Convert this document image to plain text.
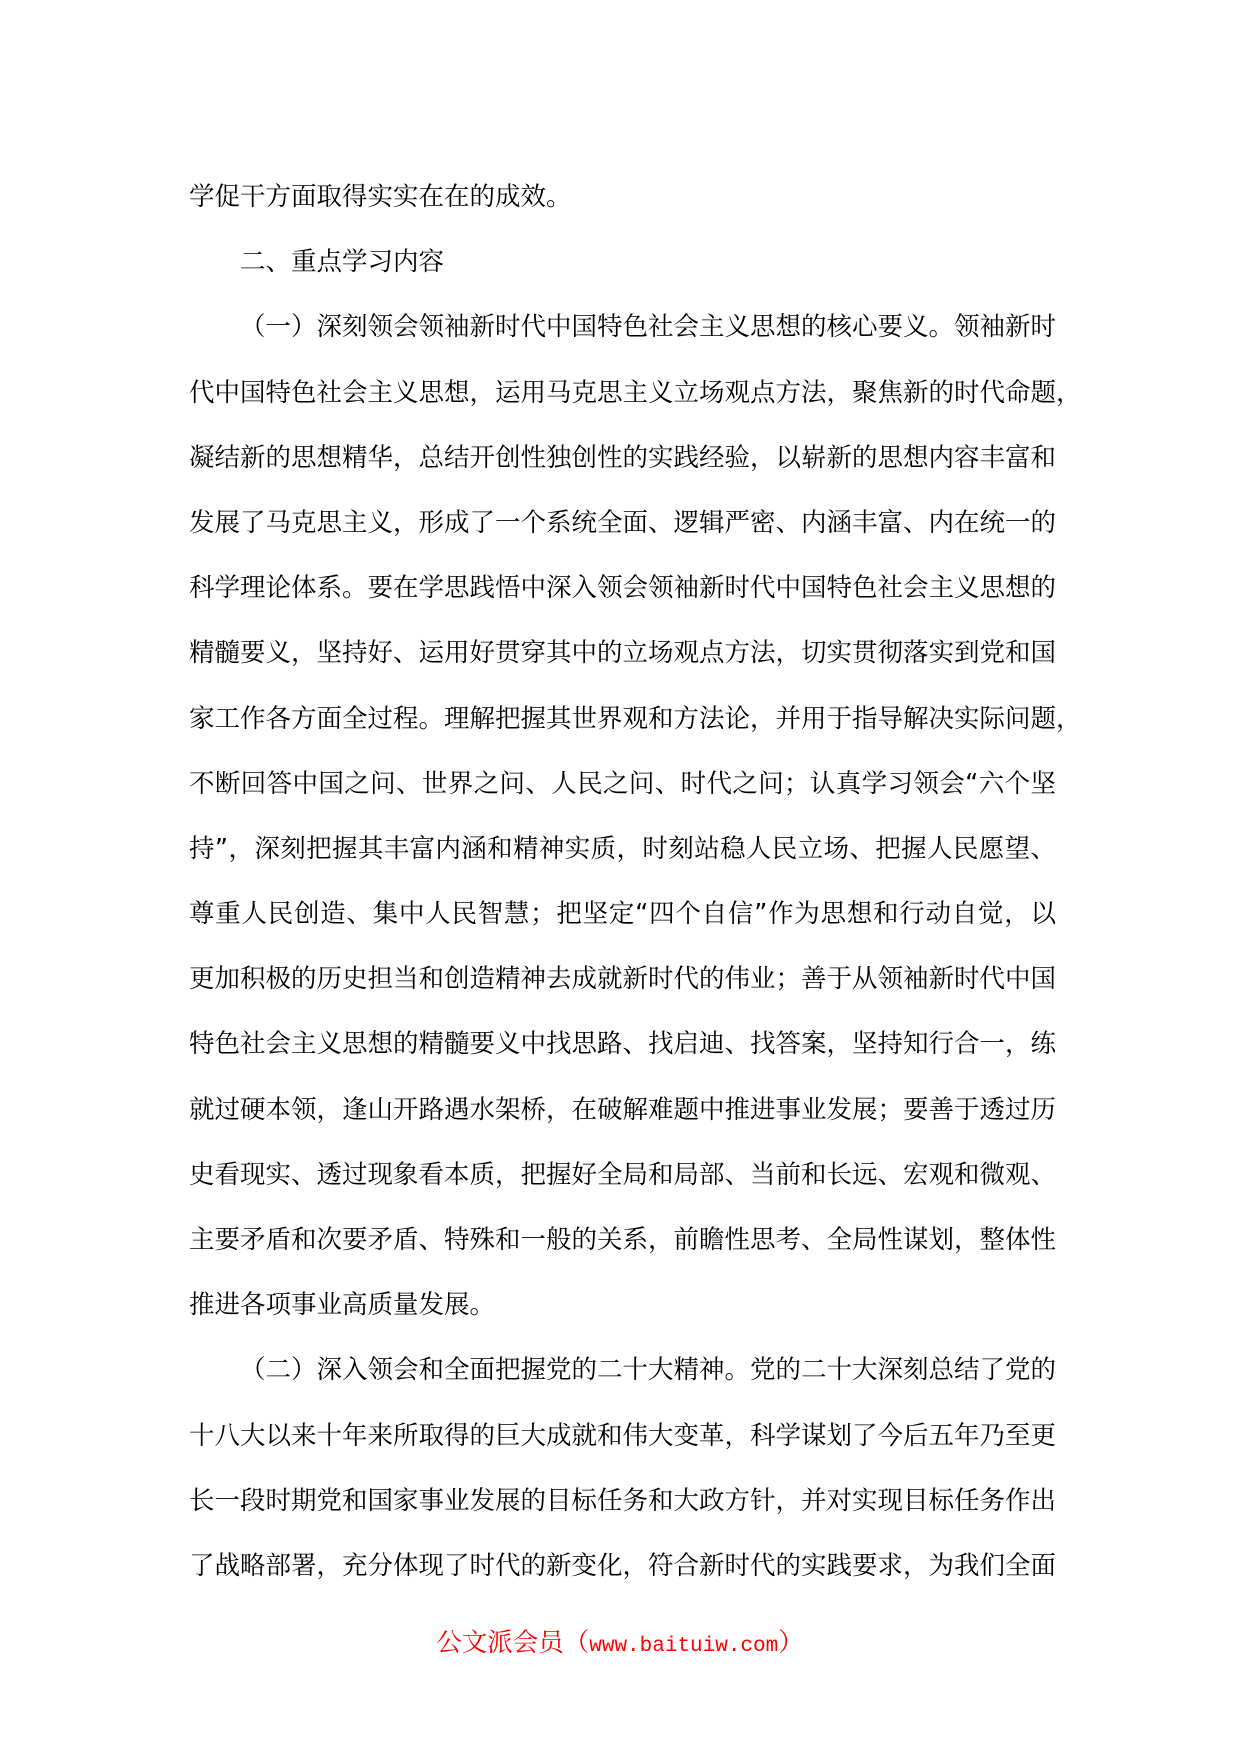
学促干方面取得实实在在的成效。
二、重点学习内容
（一）深刻领会领袖新时代中国特色社会主义思想的核心要义。领袖新时
代中国特色社会主义思想，运用马克思主义立场观点方法，聚焦新的时代命题，
凝结新的思想精华，总结开创性独创性的实践经验，以崭新的思想内容丰富和
发展了马克思主义，形成了一个系统全面、逻辑严密、内涵丰富、内在统一的
科学理论体系。要在学思践悟中深入领会领袖新时代中国特色社会主义思想的
精髓要义，坚持好、运用好贯穿其中的立场观点方法，切实贯彻落实到党和国
家工作各方面全过程。理解把握其世界观和方法论，并用于指导解决实际问题，
不断回答中国之问、世界之问、人民之问、时代之问；认真学习领会“六个坚
持”，深刻把握其丰富内涵和精神实质，时刻站稳人民立场、把握人民愿望、
尊重人民创造、集中人民智慧；把坚定“四个自信”作为思想和行动自觉，以
更加积极的历史担当和创造精神去成就新时代的伟业；善于从领袖新时代中国
特色社会主义思想的精髓要义中找思路、找启迪、找答案，坚持知行合一，练
就过硬本领，逢山开路遇水架桥，在破解难题中推进事业发展；要善于透过历
史看现实、透过现象看本质，把握好全局和局部、当前和长远、宏观和微观、
主要矛盾和次要矛盾、特殊和一般的关系，前瞻性思考、全局性谋划，整体性
推进各项事业高质量发展。
（二）深入领会和全面把握党的二十大精神。党的二十大深刻总结了党的
十八大以来十年来所取得的巨大成就和伟大变革，科学谋划了今后五年乃至更
长一段时期党和国家事业发展的目标任务和大政方针，并对实现目标任务作出
了战略部署，充分体现了时代的新变化，符合新时代的实践要求，为我们全面
公文派会员（www.baituiw.com）
